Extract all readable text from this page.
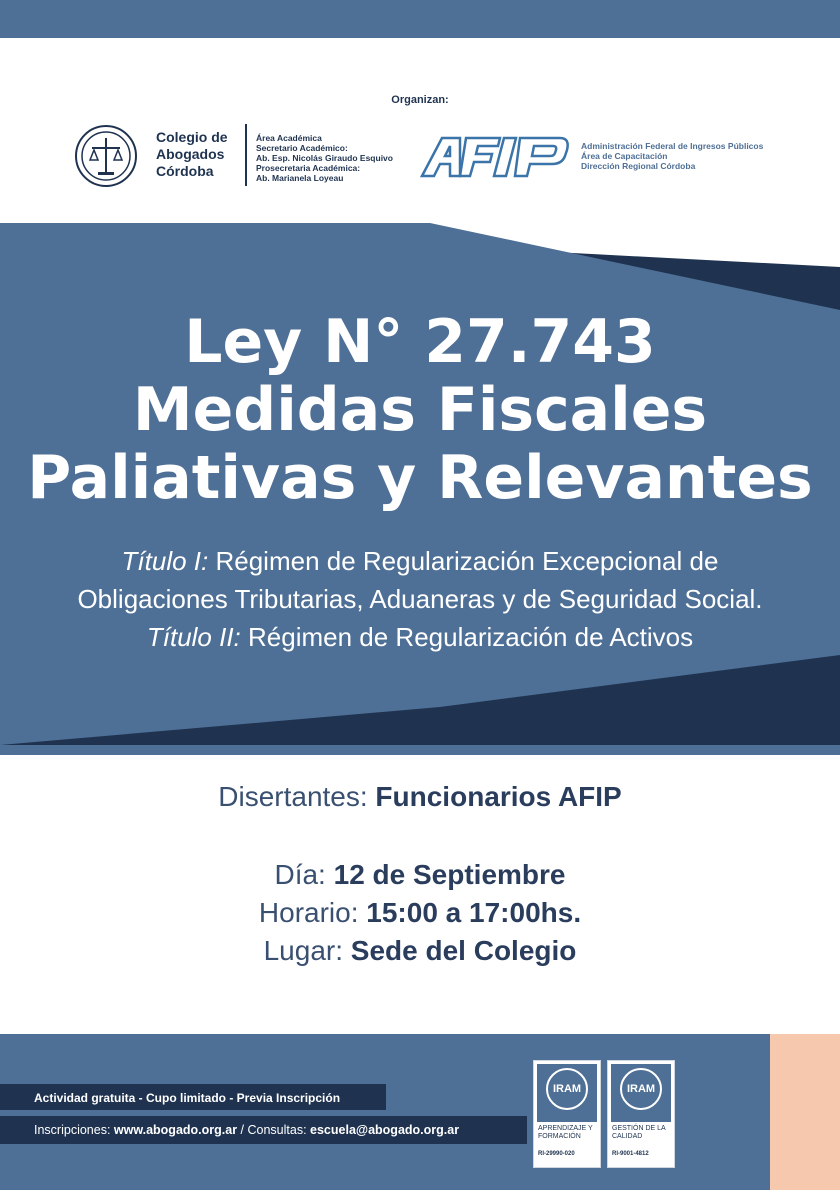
Organizan:
Colegio de
Abogados
Córdoba
Área Académica
Secretario Académico:
Ab. Esp. Nicolás Giraudo Esquivo
Prosecretaria Académica:
Ab. Marianela Loyeau
Administración Federal de Ingresos Públicos
Área de Capacitación
Dirección Regional Córdoba
Ley N° 27.743
Medidas Fiscales
Paliativas y Relevantes
Título I: Régimen de Regularización Excepcional de
Obligaciones Tributarias, Aduaneras y de Seguridad Social.
Título II: Régimen de Regularización de Activos
Disertantes: Funcionarios AFIP
Día: 12 de Septiembre
Horario: 15:00 a 17:00hs.
Lugar: Sede del Colegio
Actividad gratuita - Cupo limitado - Previa Inscripción
Inscripciones: www.abogado.org.ar / Consultas: escuela@abogado.org.ar
IRAM
APRENDIZAJE Y FORMACIÓN
RI-29990-020
IRAM
GESTIÓN DE LA CALIDAD
RI-9001-4812
